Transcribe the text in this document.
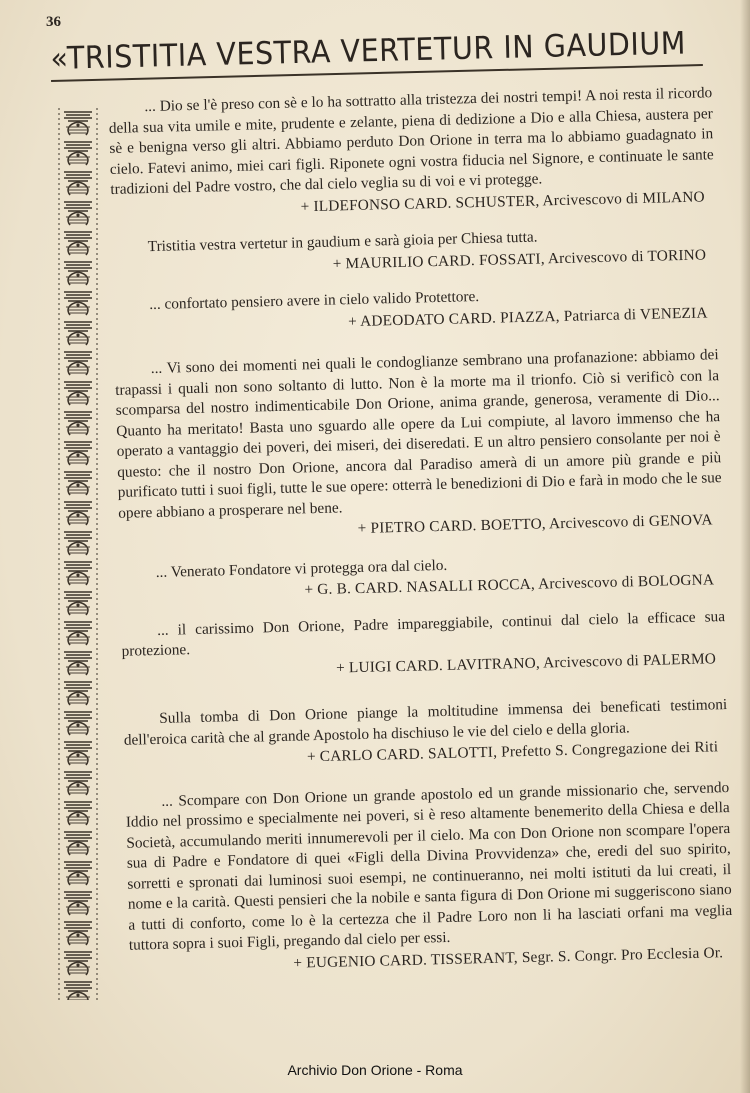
36
«TRISTITIA VESTRA VERTETUR IN GAUDIUM

... Dio se l'è preso con sè e lo ha sottratto alla tristezza dei nostri tempi! A noi resta il ricordo della sua vita umile e mite, prudente e zelante, piena di dedizione a Dio e alla Chiesa, austera per sè e benigna verso gli altri. Abbiamo perduto Don Orione in terra ma lo abbiamo guadagnato in cielo. Fatevi animo, miei cari figli. Riponete ogni vostra fiducia nel Signore, e continuate le sante tradizioni del Padre vostro, che dal cielo veglia su di voi e vi protegge.

+ ILDEFONSO CARD. SCHUSTER, Arcivescovo di MILANO

Tristitia vestra vertetur in gaudium e sarà gioia per Chiesa tutta.

+ MAURILIO CARD. FOSSATI, Arcivescovo di TORINO

... confortato pensiero avere in cielo valido Protettore.

+ ADEODATO CARD. PIAZZA, Patriarca di VENEZIA

... Vi sono dei momenti nei quali le condoglianze sembrano una profanazione: abbiamo dei trapassi i quali non sono soltanto di lutto. Non è la morte ma il trionfo. Ciò si verificò con la scomparsa del nostro indimenticabile Don Orione, anima grande, generosa, veramente di Dio... Quanto ha meritato! Basta uno sguardo alle opere da Lui compiute, al lavoro immenso che ha operato a vantaggio dei poveri, dei miseri, dei diseredati. E un altro pensiero consolante per noi è questo: che il nostro Don Orione, ancora dal Paradiso amerà di un amore più grande e più purificato tutti i suoi figli, tutte le sue opere: otterrà le benedizioni di Dio e farà in modo che le sue opere abbiano a prosperare nel bene.

+ PIETRO CARD. BOETTO, Arcivescovo di GENOVA

... Venerato Fondatore vi protegga ora dal cielo.

+ G. B. CARD. NASALLI ROCCA, Arcivescovo di BOLOGNA

... il carissimo Don Orione, Padre impareggiabile, continui dal cielo la efficace sua protezione.	+ LUIGI CARD. LAVITRANO, Arcivescovo di PALERMO

Sulla tomba di Don Orione piange la moltitudine immensa dei beneficati testimoni dell'eroica carità che al grande Apostolo ha dischiuso le vie del cielo e della gloria.

+ CARLO CARD. SALOTTI, Prefetto S. Congregazione dei Riti

... Scompare con Don Orione un grande apostolo ed un grande missionario che, servendo Iddio nel prossimo e specialmente nei poveri, si è reso altamente benemerito della Chiesa e della Società, accumulando meriti innumerevoli per il cielo. Ma con Don Orione non scompare l'opera sua di Padre e Fondatore di quei «Figli della Divina Provvidenza» che, eredi del suo spirito, sorretti e spronati dai luminosi suoi esempi, ne continueranno, nei molti istituti da lui creati, il nome e la carità. Questi pensieri che la nobile e santa figura di Don Orione mi suggeriscono siano a tutti di conforto, come lo è la certezza che il Padre Loro non li ha lasciati orfani ma veglia tuttora sopra i suoi Figli, pregando dal cielo per essi.

+ EUGENIO CARD. TISSERANT, Segr. S. Congr. Pro Ecclesia Or.
Archivio Don Orione - Roma
